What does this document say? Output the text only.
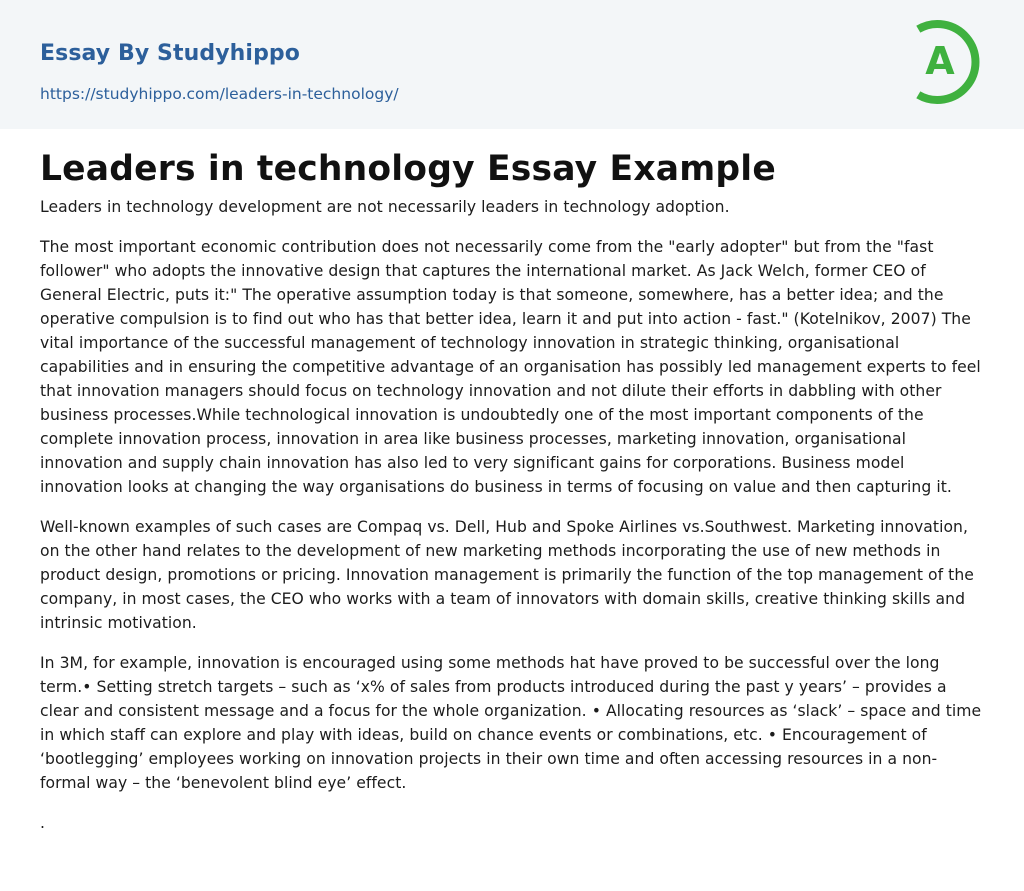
Essay By Studyhippo
https://studyhippo.com/leaders-in-technology/
A
Leaders in technology Essay Example

Leaders in technology development are not necessarily leaders in technology adoption.

The most important economic contribution does not necessarily come from the "early adopter" but from the "fast follower" who adopts the innovative design that captures the international market. As Jack Welch, former CEO of General Electric, puts it:" The operative assumption today is that someone, somewhere, has a better idea; and the operative compulsion is to find out who has that better idea, learn it and put into action - fast." (Kotelnikov, 2007) The vital importance of the successful management of technology innovation in strategic thinking, organisational capabilities and in ensuring the competitive advantage of an organisation has possibly led management experts to feel that innovation managers should focus on technology innovation and not dilute their efforts in dabbling with other business processes.While technological innovation is undoubtedly one of the most important components of the complete innovation process, innovation in area like business processes, marketing innovation, organisational innovation and supply chain innovation has also led to very significant gains for corporations. Business model innovation looks at changing the way organisations do business in terms of focusing on value and then capturing it.

Well-known examples of such cases are Compaq vs. Dell, Hub and Spoke Airlines vs.Southwest. Marketing innovation, on the other hand relates to the development of new marketing methods incorporating the use of new methods in product design, promotions or pricing. Innovation management is primarily the function of the top management of the company, in most cases, the CEO who works with a team of innovators with domain skills, creative thinking skills and intrinsic motivation.

In 3M, for example, innovation is encouraged using some methods hat have proved to be successful over the long term.• Setting stretch targets – such as ‘x% of sales from products introduced during the past y years’ – provides a clear and consistent message and a focus for the whole organization. • Allocating resources as ‘slack’ – space and time in which staff can explore and play with ideas, build on chance events or combinations, etc. • Encouragement of ‘bootlegging’ employees working on innovation projects in their own time and often accessing resources in a non-formal way – the ‘benevolent blind eye’ effect.

.
